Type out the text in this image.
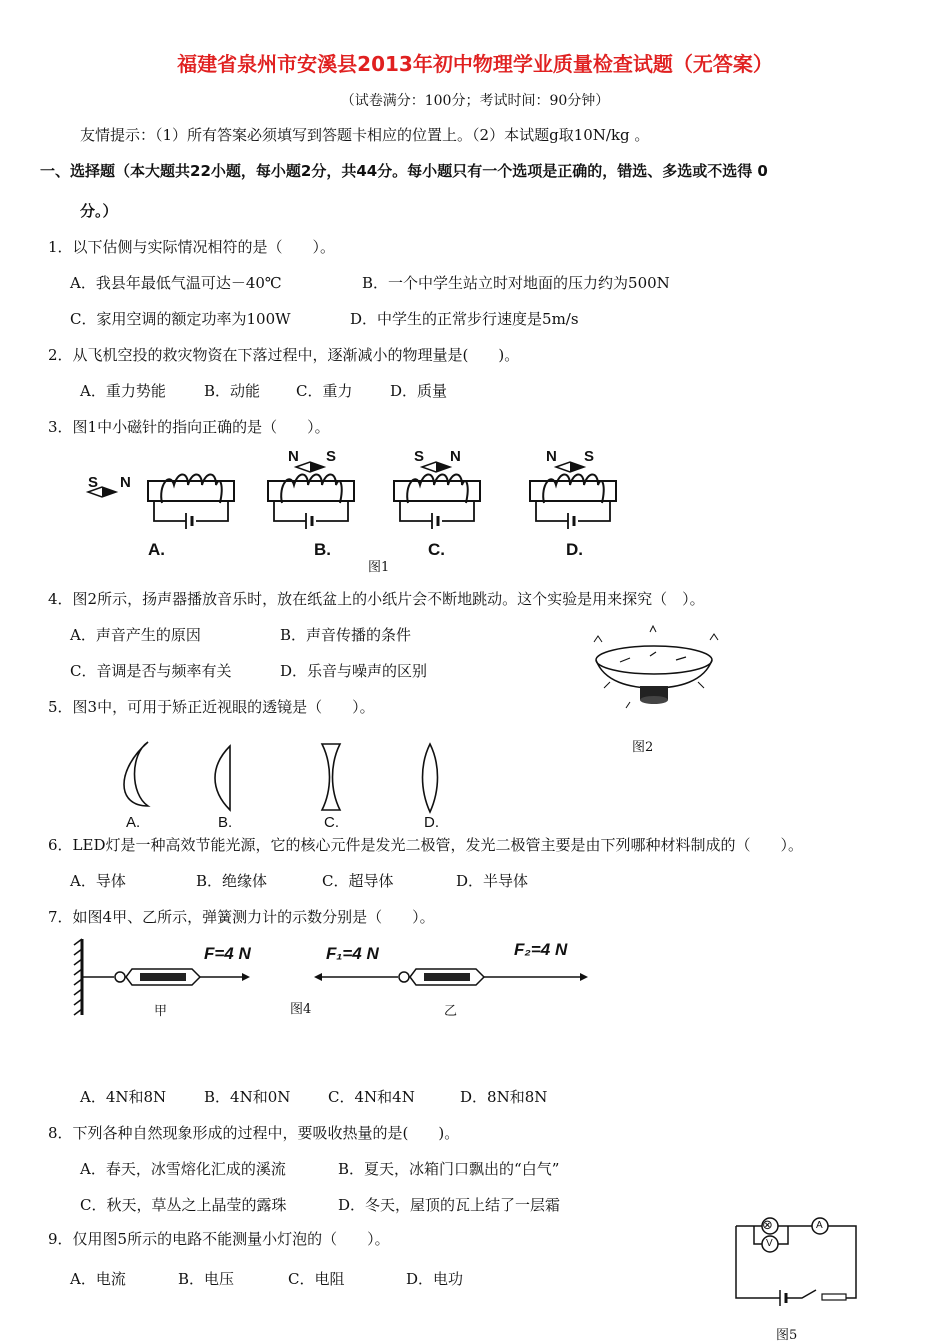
福建省泉州市安溪县2013年初中物理学业质量检查试题（无答案）
（试卷满分：100分；考试时间：90分钟）
友情提示：（1）所有答案必须填写到答题卡相应的位置上。（2）本试题g取10N/kg 。
一、选择题（本大题共22小题，每小题2分，共44分。每小题只有一个选项是正确的，错选、多选或不选得 0
分。）
1．以下估侧与实际情况相符的是（　　）。
A．我县年最低气温可达－40℃	B．一个中学生站立时对地面的压力约为500N
C．家用空调的额定功率为100W	D．中学生的正常步行速度是5m/s
2．从飞机空投的救灾物资在下落过程中，逐渐减小的物理量是(　　)。
A．重力势能	B．动能 C．重力	D．质量
3．图1中小磁针的指向正确的是（　　）。
S N
N S	S N	N S
A.	B.	C.	D.
图1
4．图2所示，扬声器播放音乐时，放在纸盆上的小纸片会不断地跳动。这个实验是用来探究（　）。
A．声音产生的原因	B．声音传播的条件
C．音调是否与频率有关	D．乐音与噪声的区别
图2
5．图3中，可用于矫正近视眼的透镜是（　　）。
A.	B.	C.	D.
6．LED灯是一种高效节能光源，它的核心元件是发光二极管，发光二极管主要是由下列哪种材料制成的（　　）。
A．导体	B．绝缘体	C．超导体	D．半导体
7．如图4甲、乙所示，弹簧测力计的示数分别是（　　）。
F=4 N	F₁=4 N	F₂=4 N
甲	图4	乙
A．4N和8N	B．4N和0N	C．4N和4N	D．8N和8N
8．下列各种自然现象形成的过程中，要吸收热量的是(　　)。
A．春天，冰雪熔化汇成的溪流	B．夏天，冰箱门口飘出的“白气”
C．秋天，草丛之上晶莹的露珠	D．冬天，屋顶的瓦上结了一层霜
9．仅用图5所示的电路不能测量小灯泡的（　　）。
A．电流	B．电压	C．电阻	D．电功
⊗	A
V
图5
